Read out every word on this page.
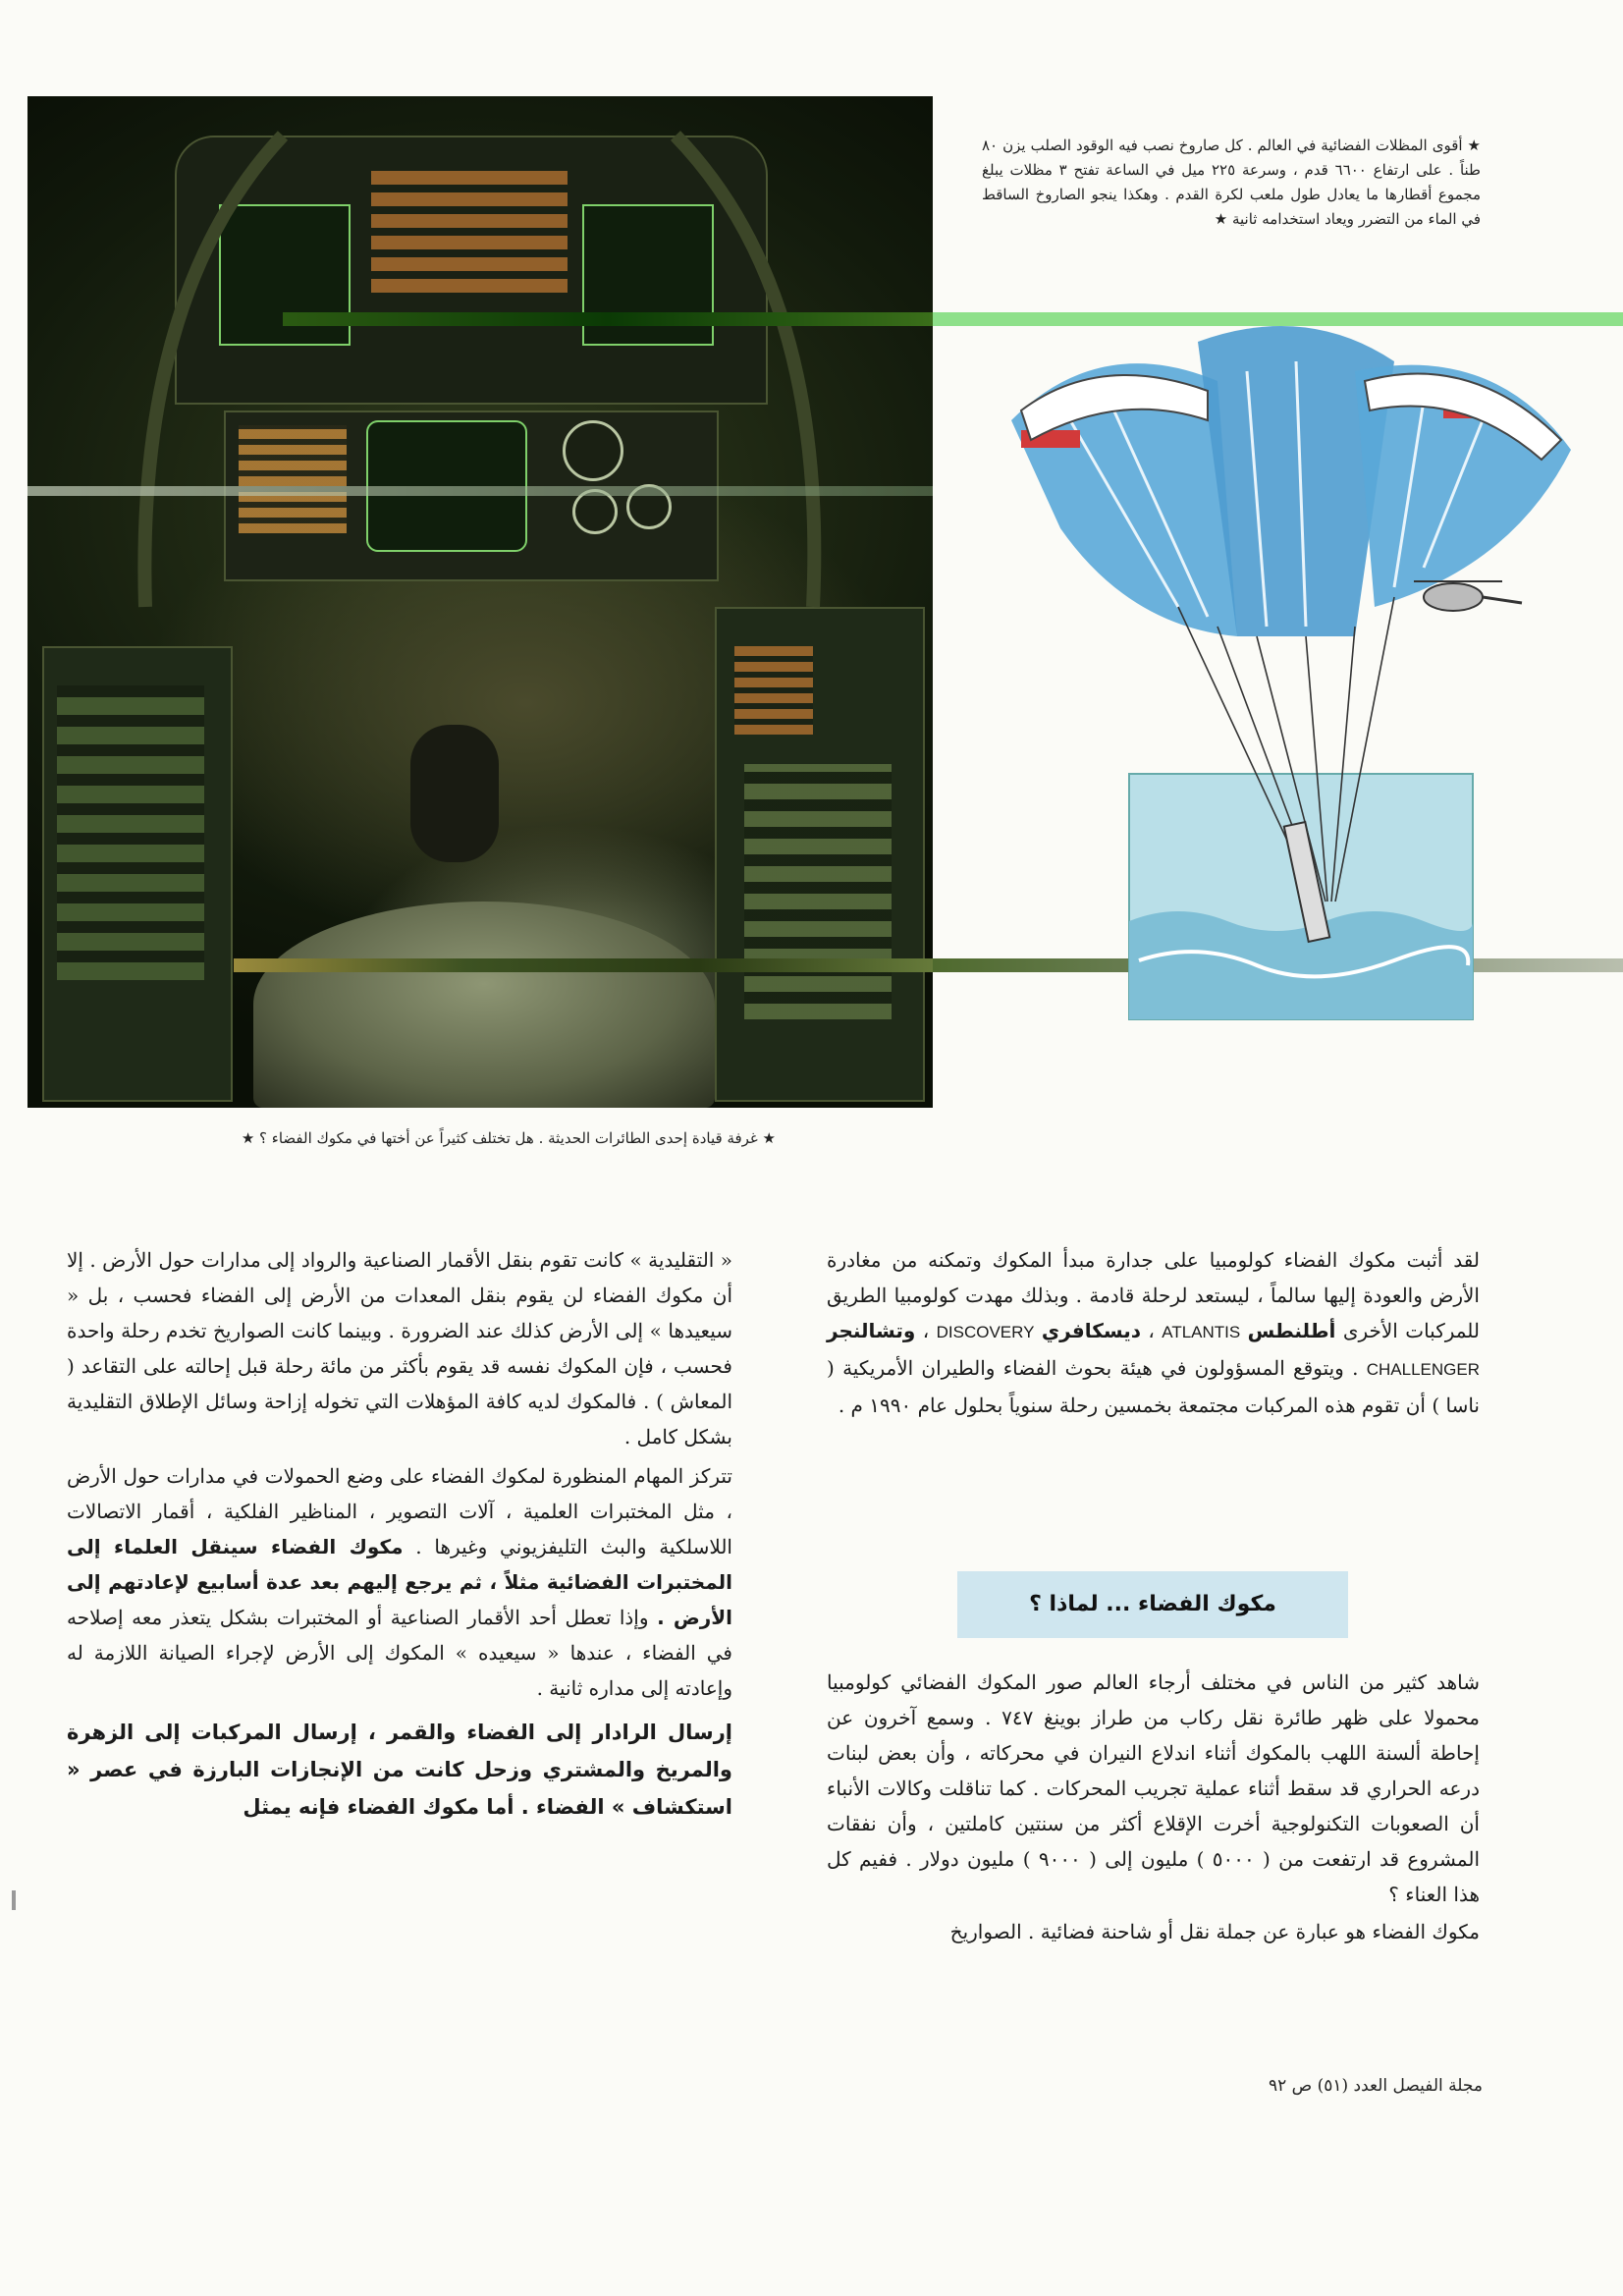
★ أقوى المظلات الفضائية في العالم . كل صاروخ نصب فيه الوقود الصلب يزن ٨٠ طناً . على ارتفاع ٦٦٠٠ قدم ، وسرعة ٢٢٥ ميل في الساعة تفتح ٣ مظلات يبلغ مجموع أقطارها ما يعادل طول ملعب لكرة القدم . وهكذا ينجو الصاروخ الساقط في الماء من التضرر ويعاد استخدامه ثانية ★
★ غرفة قيادة إحدى الطائرات الحديثة . هل تختلف كثيراً عن أختها في مكوك الفضاء ؟ ★

لقد أثبت مكوك الفضاء كولومبيا على جدارة مبدأ المكوك وتمكنه من مغادرة الأرض والعودة إليها سالماً ، ليستعد لرحلة قادمة . وبذلك مهدت كولومبيا الطريق للمركبات الأخرى أطلنطس ATLANTIS ، ديسكافري DISCOVERY ، وتشالنجر CHALLENGER . ويتوقع المسؤولون في هيئة بحوث الفضاء والطيران الأمريكية ( ناسا ) أن تقوم هذه المركبات مجتمعة بخمسين رحلة سنوياً بحلول عام ١٩٩٠ م .

مكوك الفضاء ... لماذا ؟

شاهد كثير من الناس في مختلف أرجاء العالم صور المكوك الفضائي كولومبيا محمولا على ظهر طائرة نقل ركاب من طراز بوينغ ٧٤٧ . وسمع آخرون عن إحاطة ألسنة اللهب بالمكوك أثناء اندلاع النيران في محركاته ، وأن بعض لبنات درعه الحراري قد سقط أثناء عملية تجريب المحركات . كما تناقلت وكالات الأنباء أن الصعوبات التكنولوجية أخرت الإقلاع أكثر من سنتين كاملتين ، وأن نفقات المشروع قد ارتفعت من ( ٥٠٠٠ ) مليون إلى ( ٩٠٠٠ ) مليون دولار . ففيم كل هذا العناء ؟

مكوك الفضاء هو عبارة عن جملة نقل أو شاحنة فضائية . الصواريخ

« التقليدية » كانت تقوم بنقل الأقمار الصناعية والرواد إلى مدارات حول الأرض . إلا أن مكوك الفضاء لن يقوم بنقل المعدات من الأرض إلى الفضاء فحسب ، بل « سيعيدها » إلى الأرض كذلك عند الضرورة . وبينما كانت الصواريخ تخدم رحلة واحدة فحسب ، فإن المكوك نفسه قد يقوم بأكثر من مائة رحلة قبل إحالته على التقاعد ( المعاش ) . فالمكوك لديه كافة المؤهلات التي تخوله إزاحة وسائل الإطلاق التقليدية بشكل كامل .

تتركز المهام المنظورة لمكوك الفضاء على وضع الحمولات في مدارات حول الأرض ، مثل المختبرات العلمية ، آلات التصوير ، المناظير الفلكية ، أقمار الاتصالات اللاسلكية والبث التليفزيوني وغيرها . مكوك الفضاء سينقل العلماء إلى المختبرات الفضائية مثلاً ، ثم يرجع إليهم بعد عدة أسابيع لإعادتهم إلى الأرض . وإذا تعطل أحد الأقمار الصناعية أو المختبرات بشكل يتعذر معه إصلاحه في الفضاء ، عندها « سيعيده » المكوك إلى الأرض لإجراء الصيانة اللازمة له وإعادته إلى مداره ثانية .

إرسال الرادار إلى الفضاء والقمر ، إرسال المركبات إلى الزهرة والمريخ والمشتري وزحل كانت من الإنجازات البارزة في عصر « استكشاف » الفضاء . أما مكوك الفضاء فإنه يمثل

مجلة الفيصل العدد (٥١) ص ٩٢
